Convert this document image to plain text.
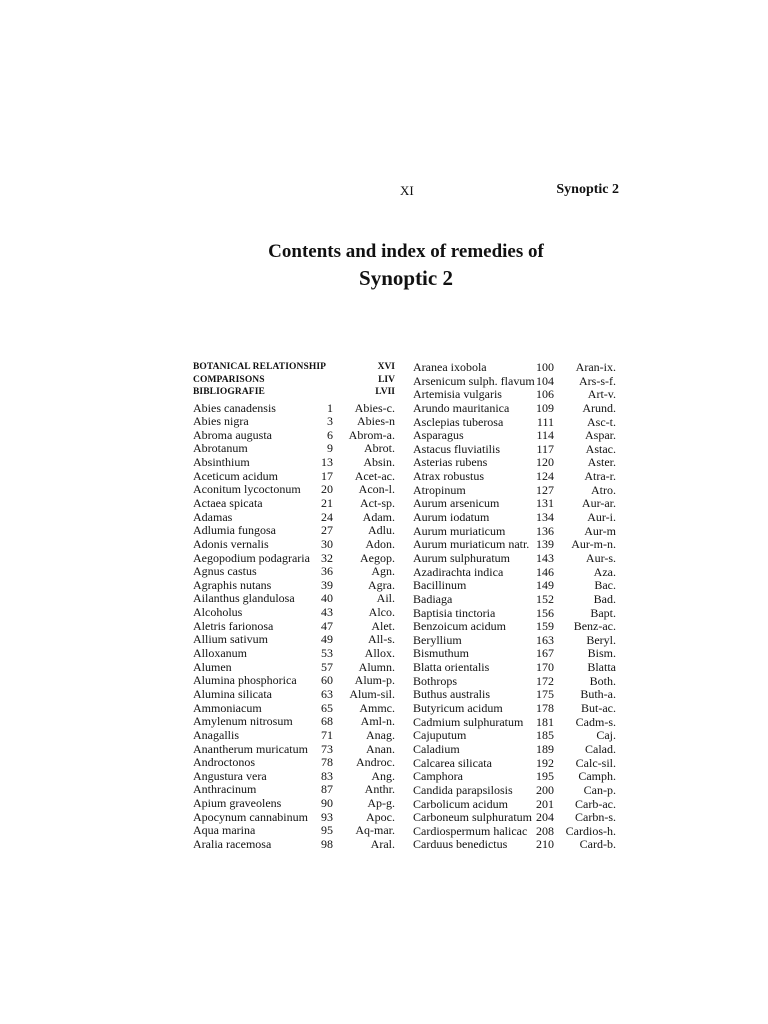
XI	Synoptic 2
Contents and index of remedies of
Synoptic 2
BOTANICAL RELATIONSHIP	XVI
COMPARISONS	LIV
BIBLIOGRAFIE	LVII
Abies canadensis	1 Abies-c.
Abies nigra	3 Abies-n
Abroma augusta	6 Abrom-a.
Abrotanum	9	Abrot.
Absinthium	13	Absin.
Aceticum acidum	17 Acet-ac.
Aconitum lycoctonum 20 Acon-l.
Actaea spicata	21 Act-sp.
Adamas	24 Adam.
Adlumia fungosa	27	Adlu.
Adonis vernalis	30	Adon.
Aegopodium podagraria 32 Aegop.
Agnus castus	36	Agn.
Agraphis nutans	39	Agra.
Ailanthus glandulosa 40	Ail.
Alcoholus	43	Alco.
Aletris farionosa	47	Alet.
Allium sativum	49	All-s.
Alloxanum	53	Allox.
Alumen	57 Alumn.
Alumina phosphorica 60 Alum-p.
Alumina silicata	63 Alum-sil.
Ammoniacum	65 Ammc.
Amylenum nitrosum 68 Aml-n.
Anagallis	71	Anag.
Anantherum muricatum 73	Anan.
Androctonos	78 Androc.
Angustura vera	83	Ang.
Anthracinum	87	Anthr.
Apium graveolens	90	Ap-g.
Apocynum cannabinum 93	Apoc.
Aqua marina	95 Aq-mar.
Aralia racemosa	98	Aral.
Aranea ixobola	100 Aran-ix.
Arsenicum sulph. flavum 104 Ars-s-f.
Artemisia vulgaris	106	Art-v.
Arundo mauritanica 109 Arund.
Asclepias tuberosa	111	Asc-t.
Asparagus	114	Aspar.
Astacus fluviatilis	117	Astac.
Asterias rubens	120	Aster.
Atrax robustus	124	Atra-r.
Atropinum	127	Atro.
Aurum arsenicum	131 Aur-ar.
Aurum iodatum	134	Aur-i.
Aurum muriaticum	136	Aur-m
Aurum muriaticum natr. 139 Aur-m-n.
Aurum sulphuratum 143	Aur-s.
Azadirachta indica	146	Aza.
Bacillinum	149	Bac.
Badiaga	152	Bad.
Baptisia tinctoria	156	Bapt.
Benzoicum acidum	159 Benz-ac.
Beryllium	163	Beryl.
Bismuthum	167	Bism.
Blatta orientalis	170	Blatta
Bothrops	172	Both.
Buthus australis	175 Buth-a.
Butyricum acidum	178 But-ac.
Cadmium sulphuratum 181 Cadm-s.
Cajuputum	185	Caj.
Caladium	189	Calad.
Calcarea silicata	192 Calc-sil.
Camphora	195 Camph.
Candida parapsilosis 200 Can-p.
Carbolicum acidum 201 Carb-ac.
Carboneum sulphuratum 204 Carbn-s.
Cardiospermum halicac 208 Cardios-h.
Carduus benedictus 210 Card-b.
